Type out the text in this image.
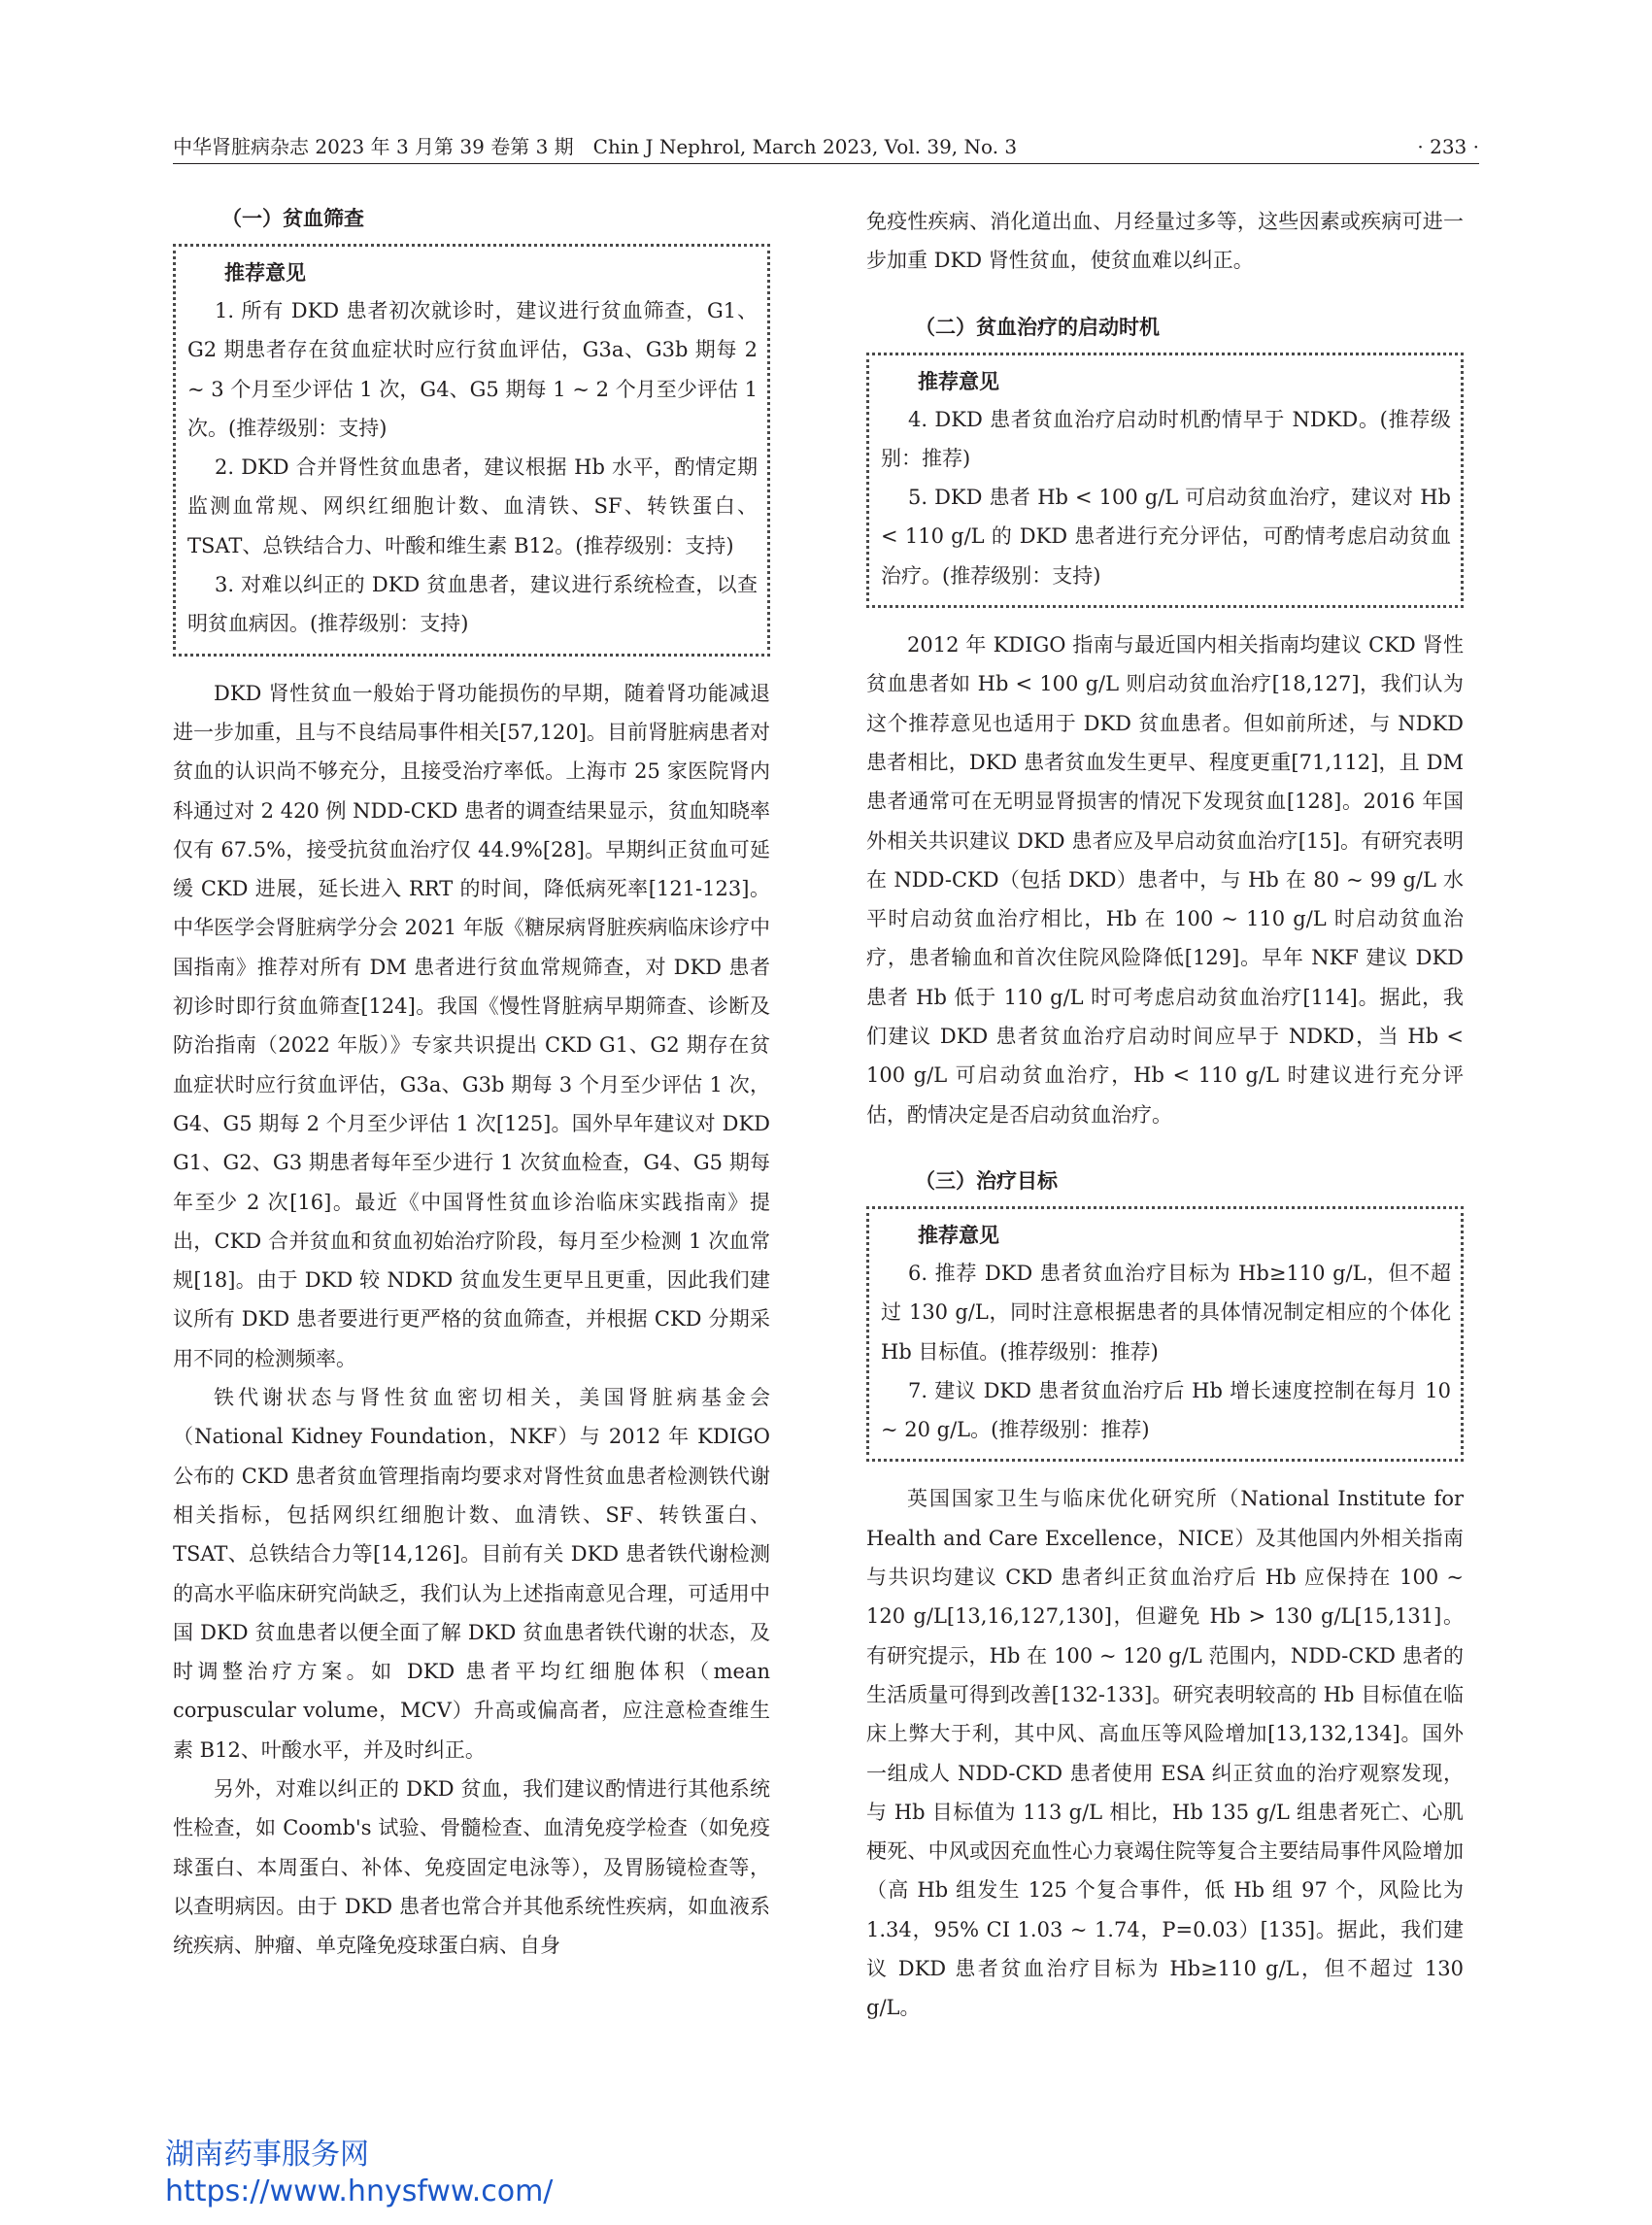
中华肾脏病杂志 2023 年 3 月第 39 卷第 3 期　Chin J Nephrol, March 2023, Vol. 39, No. 3	· 233 ·
（一）贫血筛查
推荐意见

1. 所有 DKD 患者初次就诊时，建议进行贫血筛查，G1、G2 期患者存在贫血症状时应行贫血评估，G3a、G3b 期每 2 ~ 3 个月至少评估 1 次，G4、G5 期每 1 ~ 2 个月至少评估 1 次。(推荐级别：支持)

2. DKD 合并肾性贫血患者，建议根据 Hb 水平，酌情定期监测血常规、网织红细胞计数、血清铁、SF、转铁蛋白、TSAT、总铁结合力、叶酸和维生素 B12。(推荐级别：支持)

3. 对难以纠正的 DKD 贫血患者，建议进行系统检查，以查明贫血病因。(推荐级别：支持)

DKD 肾性贫血一般始于肾功能损伤的早期，随着肾功能减退进一步加重，且与不良结局事件相关[57,120]。目前肾脏病患者对贫血的认识尚不够充分，且接受治疗率低。上海市 25 家医院肾内科通过对 2 420 例 NDD-CKD 患者的调查结果显示，贫血知晓率仅有 67.5%，接受抗贫血治疗仅 44.9%[28]。早期纠正贫血可延缓 CKD 进展，延长进入 RRT 的时间，降低病死率[121-123]。中华医学会肾脏病学分会 2021 年版《糖尿病肾脏疾病临床诊疗中国指南》推荐对所有 DM 患者进行贫血常规筛查，对 DKD 患者初诊时即行贫血筛查[124]。我国《慢性肾脏病早期筛查、诊断及防治指南（2022 年版）》专家共识提出 CKD G1、G2 期存在贫血症状时应行贫血评估，G3a、G3b 期每 3 个月至少评估 1 次，G4、G5 期每 2 个月至少评估 1 次[125]。国外早年建议对 DKD G1、G2、G3 期患者每年至少进行 1 次贫血检查，G4、G5 期每年至少 2 次[16]。最近《中国肾性贫血诊治临床实践指南》提出，CKD 合并贫血和贫血初始治疗阶段，每月至少检测 1 次血常规[18]。由于 DKD 较 NDKD 贫血发生更早且更重，因此我们建议所有 DKD 患者要进行更严格的贫血筛查，并根据 CKD 分期采用不同的检测频率。

铁代谢状态与肾性贫血密切相关，美国肾脏病基金会（National Kidney Foundation，NKF）与 2012 年 KDIGO 公布的 CKD 患者贫血管理指南均要求对肾性贫血患者检测铁代谢相关指标，包括网织红细胞计数、血清铁、SF、转铁蛋白、TSAT、总铁结合力等[14,126]。目前有关 DKD 患者铁代谢检测的高水平临床研究尚缺乏，我们认为上述指南意见合理，可适用中国 DKD 贫血患者以便全面了解 DKD 贫血患者铁代谢的状态，及时调整治疗方案。如 DKD 患者平均红细胞体积（mean corpuscular volume，MCV）升高或偏高者，应注意检查维生素 B12、叶酸水平，并及时纠正。

另外，对难以纠正的 DKD 贫血，我们建议酌情进行其他系统性检查，如 Coomb's 试验、骨髓检查、血清免疫学检查（如免疫球蛋白、本周蛋白、补体、免疫固定电泳等），及胃肠镜检查等，以查明病因。由于 DKD 患者也常合并其他系统性疾病，如血液系统疾病、肿瘤、单克隆免疫球蛋白病、自身

免疫性疾病、消化道出血、月经量过多等，这些因素或疾病可进一步加重 DKD 肾性贫血，使贫血难以纠正。

（二）贫血治疗的启动时机
推荐意见

4. DKD 患者贫血治疗启动时机酌情早于 NDKD。(推荐级别：推荐)

5. DKD 患者 Hb < 100 g/L 可启动贫血治疗，建议对 Hb < 110 g/L 的 DKD 患者进行充分评估，可酌情考虑启动贫血治疗。(推荐级别：支持)

2012 年 KDIGO 指南与最近国内相关指南均建议 CKD 肾性贫血患者如 Hb < 100 g/L 则启动贫血治疗[18,127]，我们认为这个推荐意见也适用于 DKD 贫血患者。但如前所述，与 NDKD 患者相比，DKD 患者贫血发生更早、程度更重[71,112]，且 DM 患者通常可在无明显肾损害的情况下发现贫血[128]。2016 年国外相关共识建议 DKD 患者应及早启动贫血治疗[15]。有研究表明在 NDD-CKD（包括 DKD）患者中，与 Hb 在 80 ~ 99 g/L 水平时启动贫血治疗相比，Hb 在 100 ~ 110 g/L 时启动贫血治疗，患者输血和首次住院风险降低[129]。早年 NKF 建议 DKD 患者 Hb 低于 110 g/L 时可考虑启动贫血治疗[114]。据此，我们建议 DKD 患者贫血治疗启动时间应早于 NDKD，当 Hb < 100 g/L 可启动贫血治疗，Hb < 110 g/L 时建议进行充分评估，酌情决定是否启动贫血治疗。

（三）治疗目标
推荐意见

6. 推荐 DKD 患者贫血治疗目标为 Hb≥110 g/L，但不超过 130 g/L，同时注意根据患者的具体情况制定相应的个体化 Hb 目标值。(推荐级别：推荐)

7. 建议 DKD 患者贫血治疗后 Hb 增长速度控制在每月 10 ~ 20 g/L。(推荐级别：推荐)

英国国家卫生与临床优化研究所（National Institute for Health and Care Excellence，NICE）及其他国内外相关指南与共识均建议 CKD 患者纠正贫血治疗后 Hb 应保持在 100 ~ 120 g/L[13,16,127,130]，但避免 Hb > 130 g/L[15,131]。有研究提示，Hb 在 100 ~ 120 g/L 范围内，NDD-CKD 患者的生活质量可得到改善[132-133]。研究表明较高的 Hb 目标值在临床上弊大于利，其中风、高血压等风险增加[13,132,134]。国外一组成人 NDD-CKD 患者使用 ESA 纠正贫血的治疗观察发现，与 Hb 目标值为 113 g/L 相比，Hb 135 g/L 组患者死亡、心肌梗死、中风或因充血性心力衰竭住院等复合主要结局事件风险增加（高 Hb 组发生 125 个复合事件，低 Hb 组 97 个，风险比为 1.34，95% CI 1.03 ~ 1.74，P=0.03）[135]。据此，我们建议 DKD 患者贫血治疗目标为 Hb≥110 g/L，但不超过 130 g/L。

湖南药事服务网
https://www.hnysfww.com/
